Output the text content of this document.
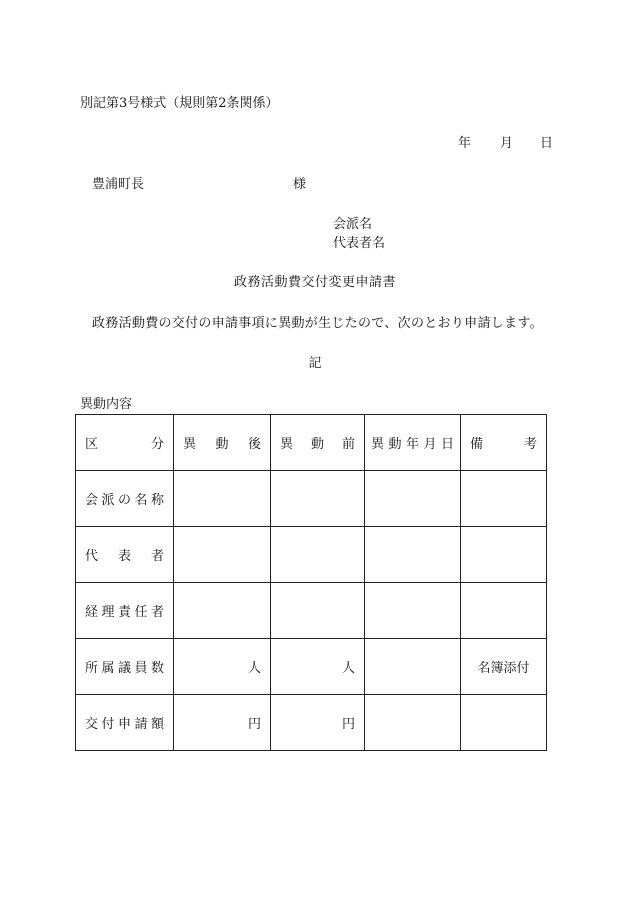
別記第3号様式（規則第2条関係）
年 月 日
豊浦町長	様
会派名
代表者名
政務活動費交付変更申請書
政務活動費の交付の申請事項に異動が生じたので、次のとおり申請します。
記
異動内容
区 分	異 動 後	異 動 前	異 動 年 月 日	備 考

会 派 の 名 称				

代 表 者				

経 理 責 任 者				

所 属 議 員 数	人	人		名簿添付

交 付 申 請 額	円	円		
